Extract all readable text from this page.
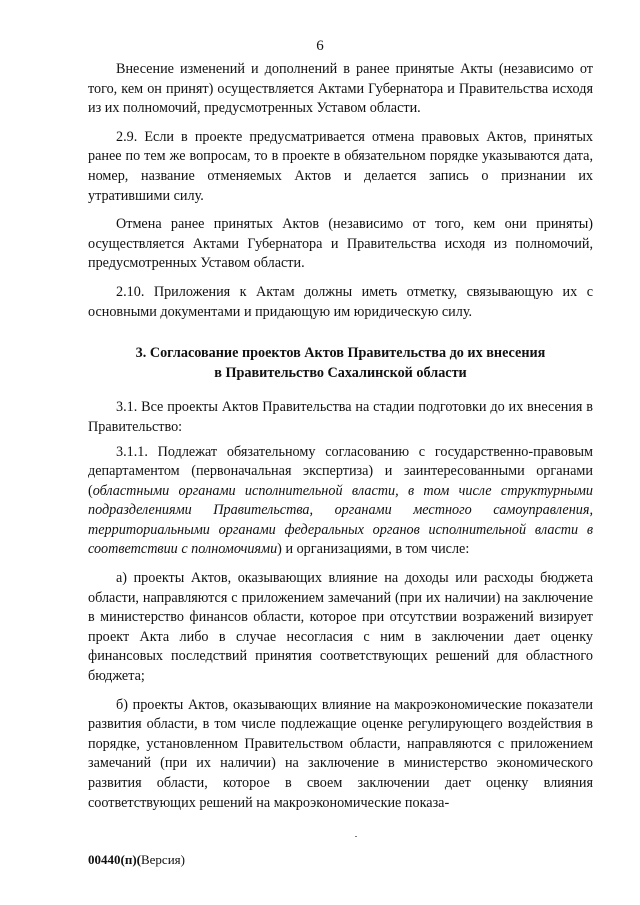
6

Внесение изменений и дополнений в ранее принятые Акты (независимо от того, кем он принят) осуществляется Актами Губернатора и Правительства исходя из их полномочий, предусмотренных Уставом области.

2.9. Если в проекте предусматривается отмена правовых Актов, принятых ранее по тем же вопросам, то в проекте в обязательном порядке указываются дата, номер, название отменяемых Актов и делается запись о признании их утратившими силу.

Отмена ранее принятых Актов (независимо от того, кем они приняты) осуществляется Актами Губернатора и Правительства исходя из полномочий, предусмотренных Уставом области.

2.10. Приложения к Актам должны иметь отметку, связывающую их с основными документами и придающую им юридическую силу.

3. Согласование проектов Актов Правительства до их внесения
в Правительство Сахалинской области

3.1. Все проекты Актов Правительства на стадии подготовки до их внесения в Правительство:

3.1.1. Подлежат обязательному согласованию с государственно-правовым департаментом (первоначальная экспертиза) и заинтересованными органами (областными органами исполнительной власти, в том числе структурными подразделениями Правительства, органами местного самоуправления, территориальными органами федеральных органов исполнительной власти в соответствии с полномочиями) и организациями, в том числе:

а) проекты Актов, оказывающих влияние на доходы или расходы бюджета области, направляются с приложением замечаний (при их наличии) на заключение в министерство финансов области, которое при отсутствии возражений визирует проект Акта либо в случае несогласия с ним в заключении дает оценку финансовых последствий принятия соответствующих решений для областного бюджета;

б) проекты Актов, оказывающих влияние на макроэкономические показатели развития области, в том числе подлежащие оценке регулирующего воздействия в порядке, установленном Правительством области, направляются с приложением замечаний (при их наличии) на заключение в министерство экономического развития области, которое в своем заключении дает оценку влияния соответствующих решений на макроэкономические показа-

00440(п)(Версия)
